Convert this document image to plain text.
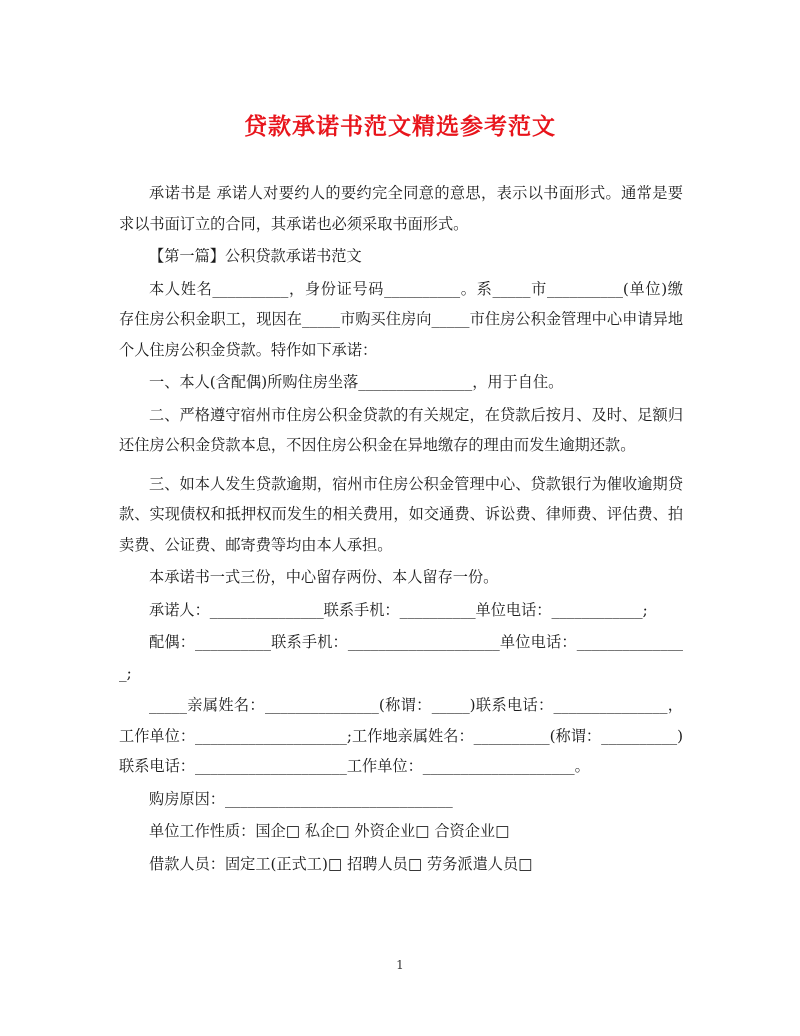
贷款承诺书范文精选参考范文

承诺书是 承诺人对要约人的要约完全同意的意思，表示以书面形式。通常是要求以书面订立的合同，其承诺也必须采取书面形式。

【第一篇】公积贷款承诺书范文

本人姓名__________，身份证号码__________。系_____市__________(单位)缴存住房公积金职工，现因在_____市购买住房向_____市住房公积金管理中心申请异地个人住房公积金贷款。特作如下承诺：

一、本人(含配偶)所购住房坐落_______________，用于自住。

二、严格遵守宿州市住房公积金贷款的有关规定，在贷款后按月、及时、足额归还住房公积金贷款本息，不因住房公积金在异地缴存的理由而发生逾期还款。

三、如本人发生贷款逾期，宿州市住房公积金管理中心、贷款银行为催收逾期贷款、实现债权和抵押权而发生的相关费用，如交通费、诉讼费、律师费、评估费、拍卖费、公证费、邮寄费等均由本人承担。

本承诺书一式三份，中心留存两份、本人留存一份。

承诺人：_______________联系手机：__________单位电话：____________;

配偶：__________联系手机：____________________单位电话：_______________;

_____亲属姓名：_______________(称谓：_____)联系电话：_______________，工作单位：____________________;工作地亲属姓名：__________(称谓：__________)联系电话：____________________工作单位：____________________。

购房原因：______________________________

单位工作性质：国企□ 私企□ 外资企业□ 合资企业□

借款人员：固定工(正式工)□ 招聘人员□ 劳务派遣人员□

1
